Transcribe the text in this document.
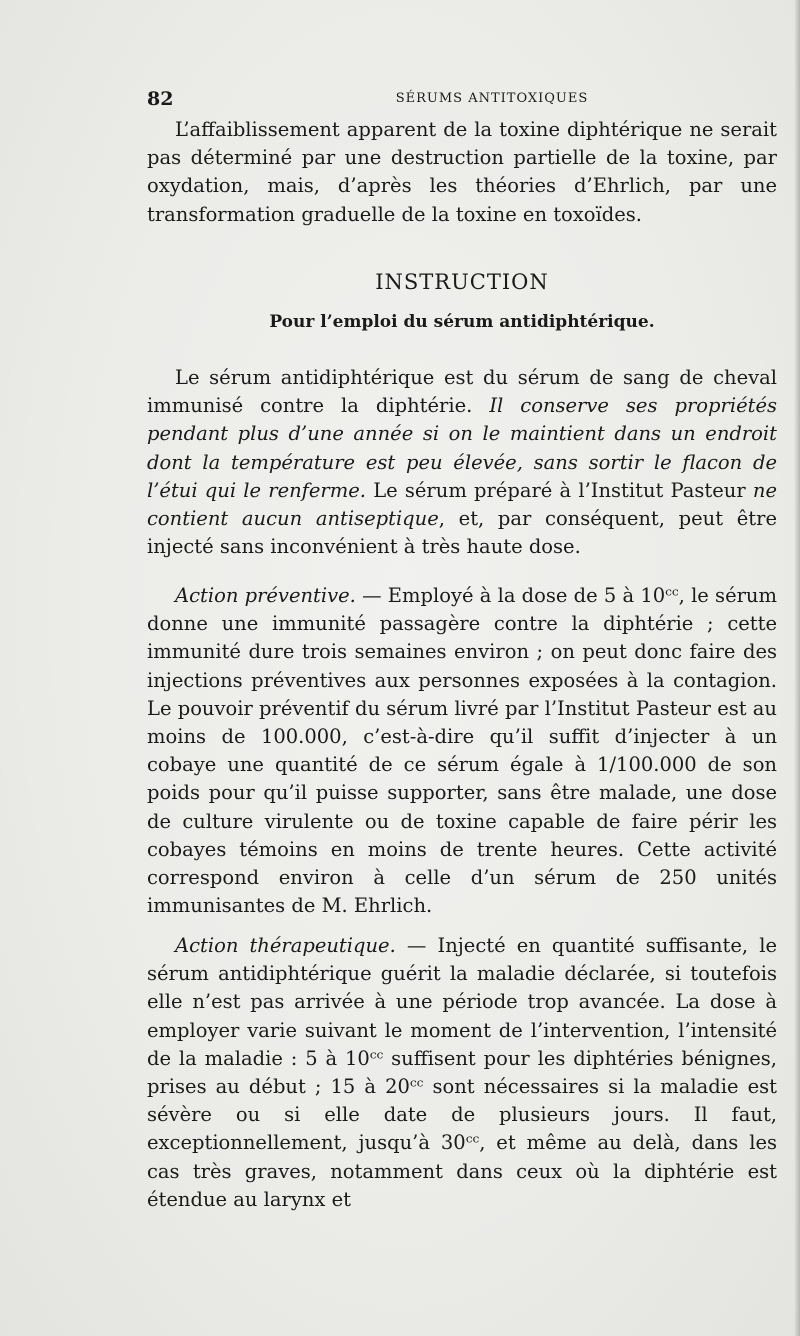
82	SÉRUMS ANTITOXIQUES

L’affaiblissement apparent de la toxine diphtérique ne serait pas déterminé par une destruction partielle de la toxine, par oxydation, mais, d’après les théories d’Ehrlich, par une transformation graduelle de la toxine en toxoïdes.

INSTRUCTION
Pour l’emploi du sérum antidiphtérique.

Le sérum antidiphtérique est du sérum de sang de cheval immunisé contre la diphtérie. Il conserve ses propriétés pendant plus d’une année si on le maintient dans un endroit dont la température est peu élevée, sans sortir le flacon de l’étui qui le renferme. Le sérum préparé à l’Institut Pasteur ne contient aucun antiseptique, et, par conséquent, peut être injecté sans inconvénient à très haute dose.

Action préventive. — Employé à la dose de 5 à 10ᶜᶜ, le sérum donne une immunité passagère contre la diphtérie ; cette immunité dure trois semaines environ ; on peut donc faire des injections préventives aux personnes exposées à la contagion. Le pouvoir préventif du sérum livré par l’Institut Pasteur est au moins de 100.000, c’est-à-dire qu’il suffit d’injecter à un cobaye une quantité de ce sérum égale à 1/100.000 de son poids pour qu’il puisse supporter, sans être malade, une dose de culture virulente ou de toxine capable de faire périr les cobayes témoins en moins de trente heures. Cette activité correspond environ à celle d’un sérum de 250 unités immunisantes de M. Ehrlich.

Action thérapeutique. — Injecté en quantité suffisante, le sérum antidiphtérique guérit la maladie déclarée, si toutefois elle n’est pas arrivée à une période trop avancée. La dose à employer varie suivant le moment de l’intervention, l’intensité de la maladie : 5 à 10ᶜᶜ suffisent pour les diphtéries bénignes, prises au début ; 15 à 20ᶜᶜ sont nécessaires si la maladie est sévère ou si elle date de plusieurs jours. Il faut, exceptionnellement, jusqu’à 30ᶜᶜ, et même au delà, dans les cas très graves, notamment dans ceux où la diphtérie est étendue au larynx et
